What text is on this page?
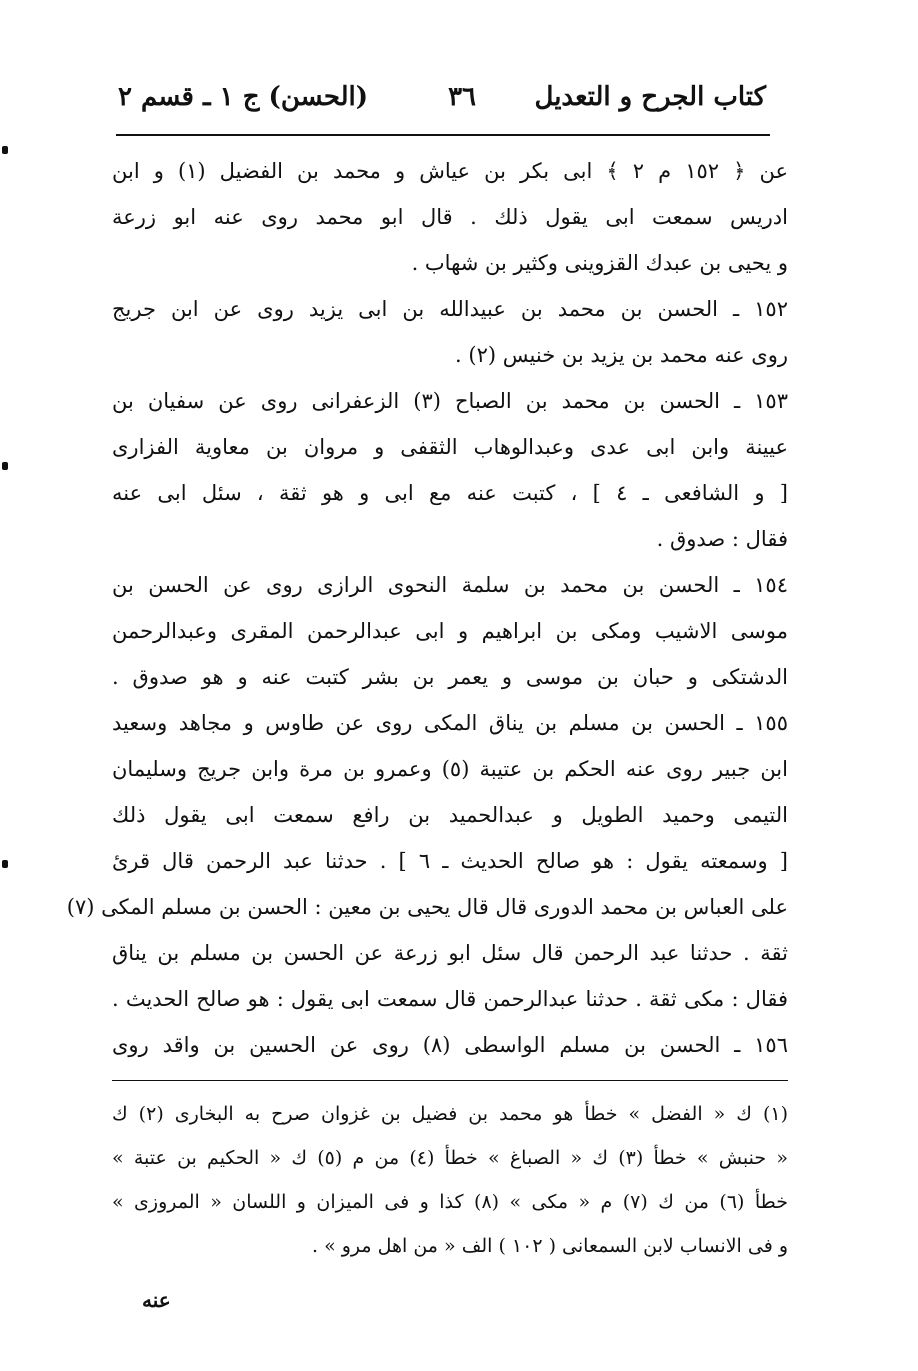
كتاب الجرح و التعديل
٣٦
(الحسن) ج ١ ـ قسم ٢
عن ﴿ ١٥٢ م ٢ ﴾ ابى بكر بن عياش و محمد بن الفضيل (١) و ابن
ادريس سمعت ابى يقول ذلك . قال ابو محمد روى عنه ابو زرعة
و يحيى بن عبدك القزوينى وكثير بن شهاب .
١٥٢ ـ الحسن بن محمد بن عبيدالله بن ابى يزيد روى عن ابن جريج
روى عنه محمد بن يزيد بن خنيس (٢) .
١٥٣ ـ الحسن بن محمد بن الصباح (٣) الزعفرانى روى عن سفيان بن
عيينة وابن ابى عدى وعبدالوهاب الثقفى و مروان بن معاوية الفزارى
[ و الشافعى ـ ٤ ] ، كتبت عنه مع ابى و هو ثقة ، سئل ابى عنه
فقال : صدوق .
١٥٤ ـ الحسن بن محمد بن سلمة النحوى الرازى روى عن الحسن بن
موسى الاشيب ومكى بن ابراهيم و ابى عبدالرحمن المقرى وعبدالرحمن
الدشتكى و حبان بن موسى و يعمر بن بشر كتبت عنه و هو صدوق .
١٥٥ ـ الحسن بن مسلم بن يناق المكى روى عن طاوس و مجاهد وسعيد
ابن جبير روى عنه الحكم بن عتيبة (٥) وعمرو بن مرة وابن جريج وسليمان
التيمى وحميد الطويل و عبدالحميد بن رافع سمعت ابى يقول ذلك
[ وسمعته يقول : هو صالح الحديث ـ ٦ ] . حدثنا عبد الرحمن قال قرئ
على العباس بن محمد الدورى قال قال يحيى بن معين : الحسن بن مسلم المكى (٧)
ثقة . حدثنا عبد الرحمن قال سئل ابو زرعة عن الحسن بن مسلم بن يناق
فقال : مكى ثقة . حدثنا عبدالرحمن قال سمعت ابى يقول : هو صالح الحديث .
١٥٦ ـ الحسن بن مسلم الواسطى (٨) روى عن الحسين بن واقد روى
(١) ك « الفضل » خطأ هو محمد بن فضيل بن غزوان صرح به البخارى (٢) ك
« حنبش » خطأ (٣) ك « الصباغ » خطأ (٤) من م (٥) ك « الحكيم بن عتبة »
خطأ (٦) من ك (٧) م « مكى » (٨) كذا و فى الميزان و اللسان « المروزى »
و فى الانساب لابن السمعانى ( ١٠٢ ) الف « من اهل مرو » .
عنه
